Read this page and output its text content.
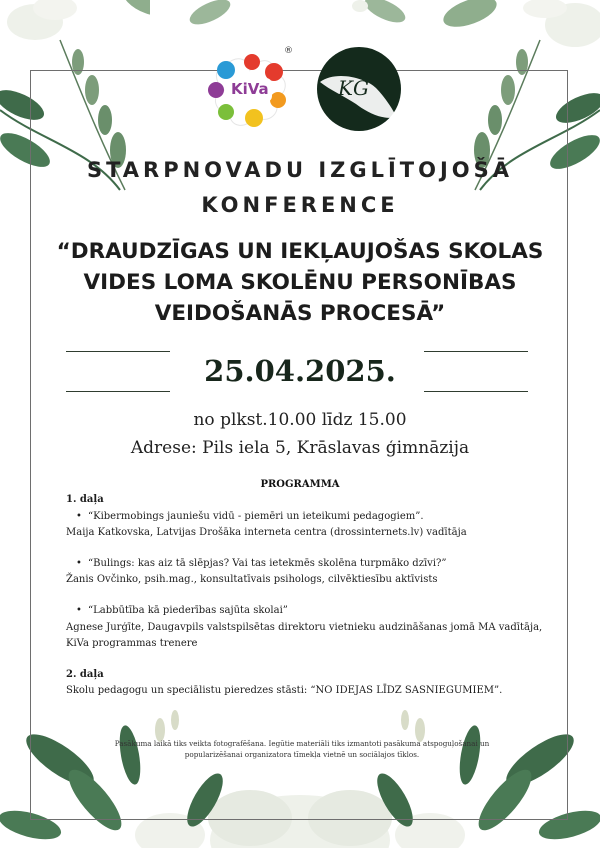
KiVa
®
KG
STARPNOVADU IZGLĪTOJOŠĀ
KONFERENCE
“DRAUDZĪGAS UN IEKĻAUJOŠAS SKOLAS
VIDES LOMA SKOLĒNU PERSONĪBAS
VEIDOŠANĀS PROCESĀ”
25.04.2025.
no plkst.10.00 līdz 15.00
Adrese: Pils iela 5, Krāslavas ģimnāzija
PROGRAMMA
1. daļa
• “Kibermobings jauniešu vidū - piemēri un ieteikumi pedagogiem”.
Maija Katkovska, Latvijas Drošāka interneta centra (drossinternets.lv) vadītāja
• “Bulings: kas aiz tā slēpjas? Vai tas ietekmēs skolēna turpmāko dzīvi?”
Žanis Ovčinko, psih.mag., konsultatīvais psihologs, cilvēktiesību aktīvists
• “Labbūtība kā piederības sajūta skolai”
Agnese Jurģīte, Daugavpils valstspilsētas direktoru vietnieku audzināšanas jomā MA vadītāja,
KiVa programmas trenere
2. daļa
Skolu pedagogu un speciālistu pieredzes stāsti: “NO IDEJAS LĪDZ SASNIEGUMIEM”.
Pasākuma laikā tiks veikta fotografēšana. Iegūtie materiāli tiks izmantoti pasākuma atspoguļošanai un
popularizēšanai organizatora tīmekļa vietnē un sociālajos tīklos.
